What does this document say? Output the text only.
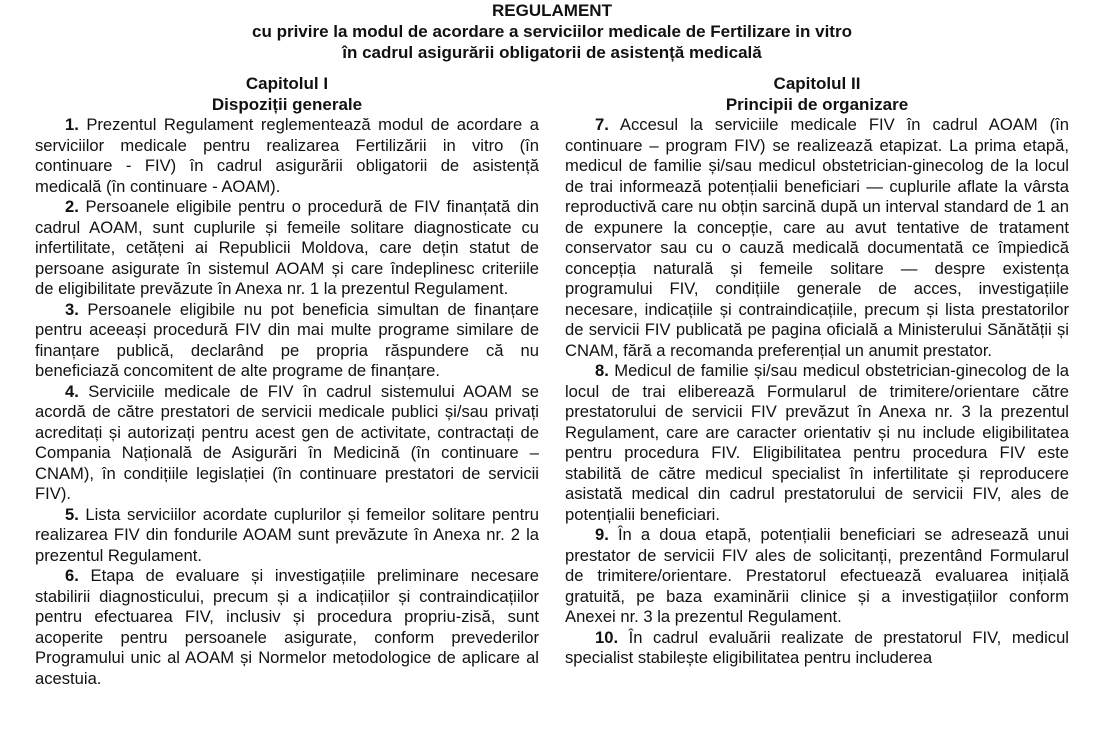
REGULAMENT
cu privire la modul de acordare a serviciilor medicale de Fertilizare in vitro
în cadrul asigurării obligatorii de asistență medicală
Capitolul I
Dispoziții generale

1. Prezentul Regulament reglementează modul de acordare a serviciilor medicale pentru realizarea Fertilizării in vitro (în continuare - FIV) în cadrul asigurării obligatorii de asistență medicală (în continuare - AOAM).

2. Persoanele eligibile pentru o procedură de FIV finanțată din cadrul AOAM, sunt cuplurile și femeile solitare diagnosticate cu infertilitate, cetățeni ai Republicii Moldova, care dețin statut de persoane asigurate în sistemul AOAM și care îndeplinesc criteriile de eligibilitate prevăzute în Anexa nr. 1 la prezentul Regulament.

3. Persoanele eligibile nu pot beneficia simultan de finanțare pentru aceeași procedură FIV din mai multe programe similare de finanțare publică, declarând pe propria răspundere că nu beneficiază concomitent de alte programe de finanțare.

4. Serviciile medicale de FIV în cadrul sistemului AOAM se acordă de către prestatori de servicii medicale publici și/sau privați acreditați și autorizați pentru acest gen de activitate, contractați de Compania Națională de Asigurări în Medicină (în continuare – CNAM), în condițiile legislației (în continuare prestatori de servicii FIV).

5. Lista serviciilor acordate cuplurilor și femeilor solitare pentru realizarea FIV din fondurile AOAM sunt prevăzute în Anexa nr. 2 la prezentul Regulament.

6. Etapa de evaluare și investigațiile preliminare necesare stabilirii diagnosticului, precum și a indicațiilor și contraindicațiilor pentru efectuarea FIV, inclusiv și procedura propriu-zisă, sunt acoperite pentru persoanele asigurate, conform prevederilor Programului unic al AOAM și Normelor metodologice de aplicare al acestuia.

Capitolul II
Principii de organizare

7. Accesul la serviciile medicale FIV în cadrul AOAM (în continuare – program FIV) se realizează etapizat. La prima etapă, medicul de familie și/sau medicul obstetrician-ginecolog de la locul de trai informează potențialii beneficiari — cuplurile aflate la vârsta reproductivă care nu obțin sarcină după un interval standard de 1 an de expunere la concepție, care au avut tentative de tratament conservator sau cu o cauză medicală documentată ce împiedică concepția naturală și femeile solitare — despre existența programului FIV, condițiile generale de acces, investigațiile necesare, indicațiile și contraindicațiile, precum și lista prestatorilor de servicii FIV publicată pe pagina oficială a Ministerului Sănătății și CNAM, fără a recomanda preferențial un anumit prestator.

8. Medicul de familie și/sau medicul obstetrician-ginecolog de la locul de trai eliberează Formularul de trimitere/orientare către prestatorului de servicii FIV prevăzut în Anexa nr. 3 la prezentul Regulament, care are caracter orientativ și nu include eligibilitatea pentru procedura FIV. Eligibilitatea pentru procedura FIV este stabilită de către medicul specialist în infertilitate și reproducere asistată medical din cadrul prestatorului de servicii FIV, ales de potențialii beneficiari.

9. În a doua etapă, potențialii beneficiari se adresează unui prestator de servicii FIV ales de solicitanți, prezentând Formularul de trimitere/orientare. Prestatorul efectuează evaluarea inițială gratuită, pe baza examinării clinice și a investigațiilor conform Anexei nr. 3 la prezentul Regulament.

10. În cadrul evaluării realizate de prestatorul FIV, medicul specialist stabilește eligibilitatea pentru includerea
